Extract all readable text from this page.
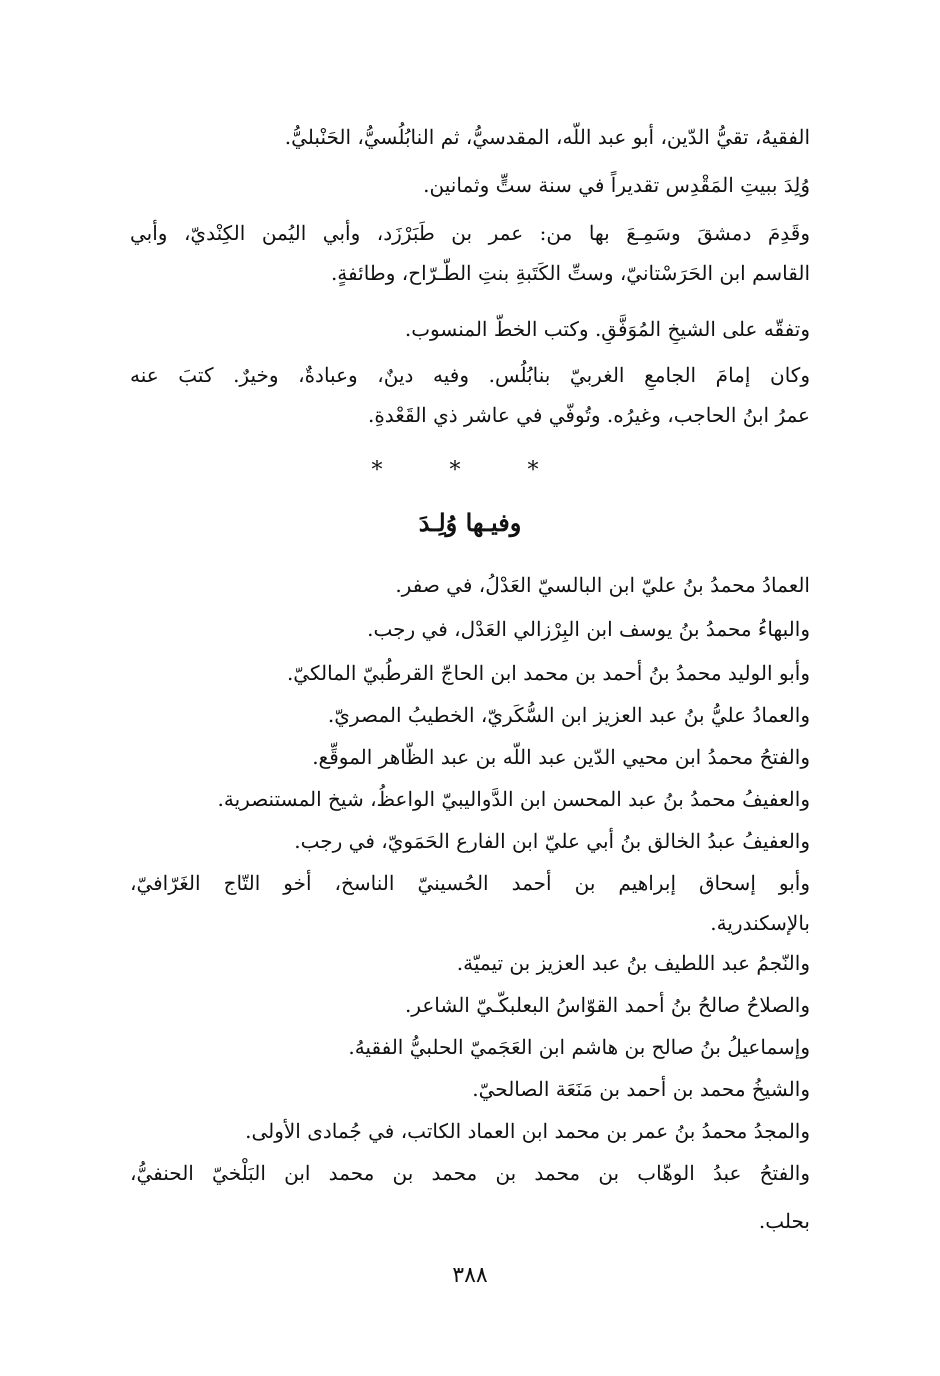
الفقيهُ، تقيُّ الدّين، أبو عبد اللّه، المقدسيُّ، ثم النابُلُسيُّ، الحَنْبليُّ.
وُلِدَ ببيتِ المَقْدِس تقديراً في سنة ستٍّ وثمانين.
وقَدِمَ دمشقَ وسَمِـعَ بها من: عمر بن طَبَرْزَد، وأبي اليُمن الكِنْديّ، وأبي
القاسم ابن الحَرَسْتانيّ، وستِّ الكَتَبةِ بنتِ الطَّـرّاح، وطائفةٍ.
وتفقّه على الشيخِ المُوَفَّقِ. وكتب الخطَّ المنسوب.
وكان إمامَ الجامعِ الغربيّ بنابُلُس. وفيه دينٌ، وعبادةٌ، وخيرٌ. كتبَ عنه
عمرُ ابنُ الحاجب، وغيرُه. وتُوفّي في عاشر ذي القَعْدةِ.
* * *
وفيـها وُلِـدَ
العمادُ محمدُ بنُ عليّ ابن البالسيّ العَدْلُ، في صفر.
والبهاءُ محمدُ بنُ يوسف ابن البِرْزالي العَدْل، في رجب.
وأبو الوليد محمدُ بنُ أحمد بن محمد ابن الحاجّ القرطُبيّ المالكيّ.
والعمادُ عليُّ بنُ عبد العزيز ابن السُّكَريّ، الخطيبُ المصريّ.
والفتحُ محمدُ ابن محيي الدّين عبد اللّه بن عبد الظّاهر الموقِّع.
والعفيفُ محمدُ بنُ عبد المحسن ابن الدَّواليبيّ الواعظُ، شيخ المستنصرية.
والعفيفُ عبدُ الخالق بنُ أبي عليّ ابن الفارع الحَمَويّ، في رجب.
وأبو إسحاق إبراهيم بن أحمد الحُسينيّ الناسخ، أخو التّاج الغَرّافيّ،
بالإسكندرية.
والنّجمُ عبد اللطيف بنُ عبد العزيز بن تيميّة.
والصلاحُ صالحُ بنُ أحمد القوّاسُ البعلبكّـيّ الشاعر.
وإسماعيلُ بنُ صالح بن هاشم ابن العَجَميّ الحلبيُّ الفقيهُ.
والشيخُ محمد بن أحمد بن مَنَعَة الصالحيّ.
والمجدُ محمدُ بنُ عمر بن محمد ابن العماد الكاتب، في جُمادى الأولى.
والفتحُ عبدُ الوهّاب بن محمد بن محمد بن محمد ابن البَلْخيّ الحنفيُّ،
بحلب.
٣٨٨
